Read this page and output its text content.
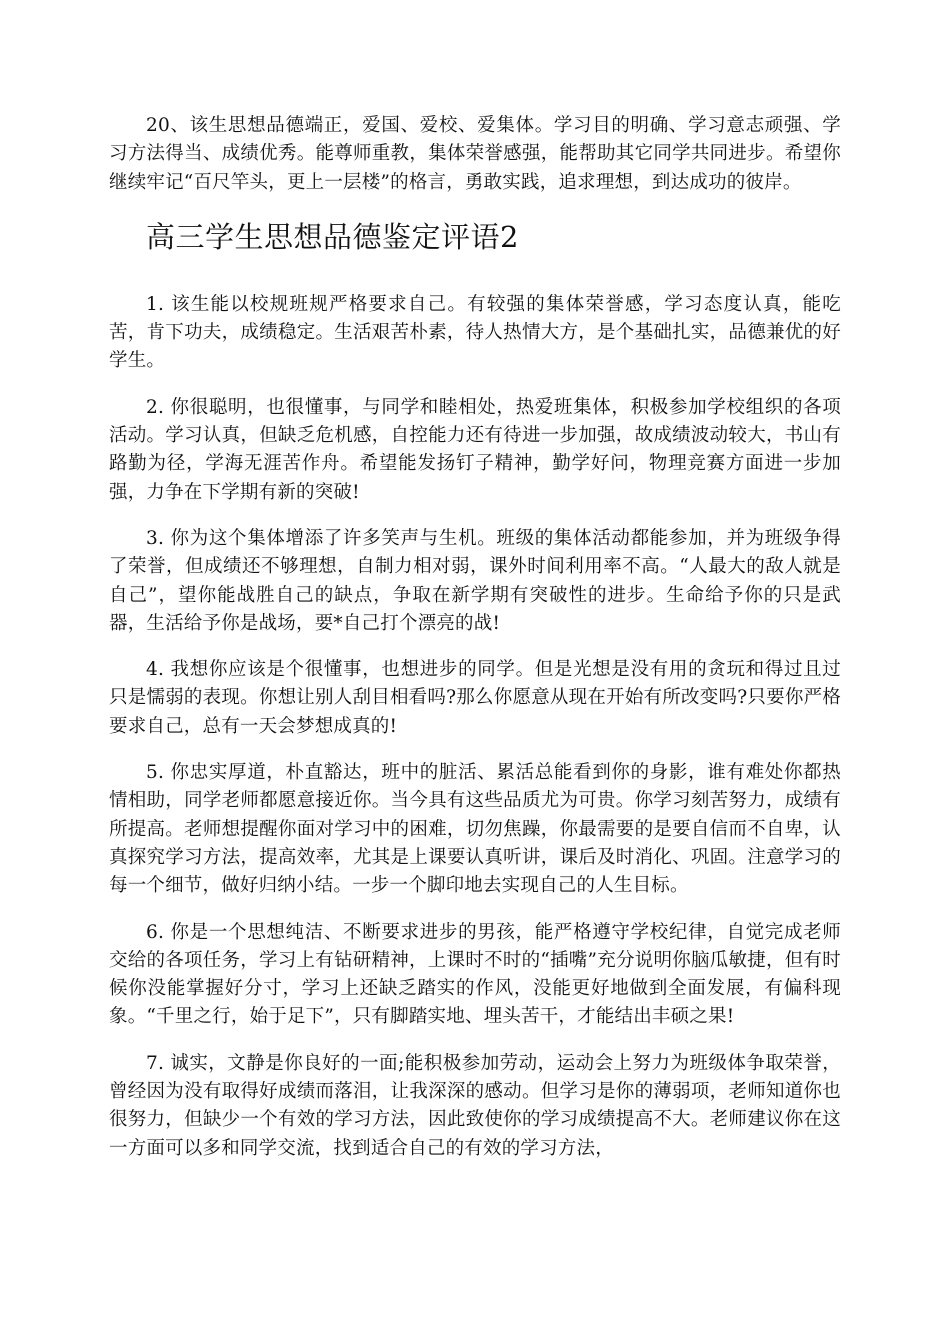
20、该生思想品德端正，爱国、爱校、爱集体。学习目的明确、学习意志顽强、学习方法得当、成绩优秀。能尊师重教，集体荣誉感强，能帮助其它同学共同进步。希望你继续牢记“百尺竿头，更上一层楼”的格言，勇敢实践，追求理想，到达成功的彼岸。

高三学生思想品德鉴定评语2

1. 该生能以校规班规严格要求自己。有较强的集体荣誉感，学习态度认真，能吃苦，肯下功夫，成绩稳定。生活艰苦朴素，待人热情大方，是个基础扎实，品德兼优的好学生。

2. 你很聪明，也很懂事，与同学和睦相处，热爱班集体，积极参加学校组织的各项活动。学习认真，但缺乏危机感，自控能力还有待进一步加强，故成绩波动较大，书山有路勤为径，学海无涯苦作舟。希望能发扬钉子精神，勤学好问，物理竞赛方面进一步加强，力争在下学期有新的突破!

3. 你为这个集体增添了许多笑声与生机。班级的集体活动都能参加，并为班级争得了荣誉，但成绩还不够理想，自制力相对弱，课外时间利用率不高。“人最大的敌人就是自己”，望你能战胜自己的缺点，争取在新学期有突破性的进步。生命给予你的只是武器，生活给予你是战场，要*自己打个漂亮的战!

4. 我想你应该是个很懂事，也想进步的同学。但是光想是没有用的贪玩和得过且过只是懦弱的表现。你想让别人刮目相看吗?那么你愿意从现在开始有所改变吗?只要你严格要求自己，总有一天会梦想成真的!

5. 你忠实厚道，朴直豁达，班中的脏活、累活总能看到你的身影，谁有难处你都热情相助，同学老师都愿意接近你。当今具有这些品质尤为可贵。你学习刻苦努力，成绩有所提高。老师想提醒你面对学习中的困难，切勿焦躁，你最需要的是要自信而不自卑，认真探究学习方法，提高效率，尤其是上课要认真听讲，课后及时消化、巩固。注意学习的每一个细节，做好归纳小结。一步一个脚印地去实现自己的人生目标。

6. 你是一个思想纯洁、不断要求进步的男孩，能严格遵守学校纪律，自觉完成老师交给的各项任务，学习上有钻研精神，上课时不时的“插嘴”充分说明你脑瓜敏捷，但有时候你没能掌握好分寸，学习上还缺乏踏实的作风，没能更好地做到全面发展，有偏科现象。“千里之行，始于足下”，只有脚踏实地、埋头苦干，才能结出丰硕之果!

7. 诚实，文静是你良好的一面;能积极参加劳动，运动会上努力为班级体争取荣誉，曾经因为没有取得好成绩而落泪，让我深深的感动。但学习是你的薄弱项，老师知道你也很努力，但缺少一个有效的学习方法，因此致使你的学习成绩提高不大。老师建议你在这一方面可以多和同学交流，找到适合自己的有效的学习方法，
